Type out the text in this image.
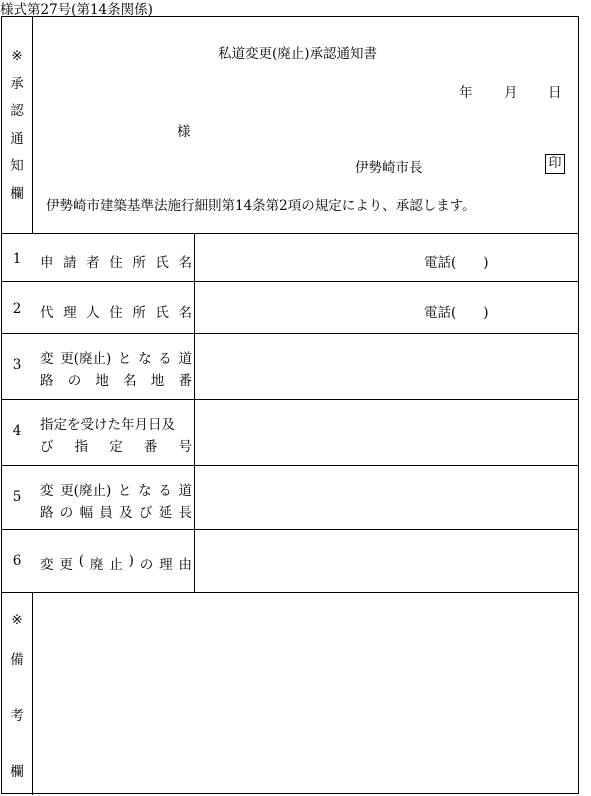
様式第27号(第14条関係)
※
承
認
通
知
欄
私道変更(廃止)承認通知書
年 月 日
様
伊勢崎市長	印
伊勢崎市建築基準法施行細則第14条第2項の規定により、承認します。
1	申 請 者 住 所 氏 名	電話(　　)
2	代 理 人 住 所 氏 名	電話(　　)
3	変 更(廃止) と な る 道
路 の 地 名 地 番
4	指定を受けた年月日及
び 指 定 番 号
5	変 更(廃止) と な る 道
路 の 幅 員 及 び 延 長
6	変 更 ( 廃 止 ) の 理 由
※
備
考
欄
